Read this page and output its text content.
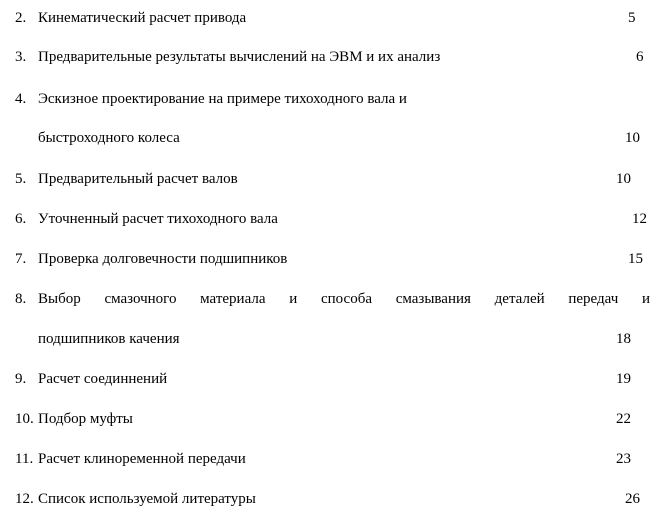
2. Кинематический расчет привода	5
3. Предварительные результаты вычислений на ЭВМ и их анализ	6
4. Эскизное проектирование на примере тихоходного вала и
быстроходного колеса	10
5. Предварительный расчет валов	10
6. Уточненный расчет тихоходного вала	12
7. Проверка долговечности подшипников	15
8. Выбор смазочного материала и способа смазывания деталей передач и
подшипников качения	18
9. Расчет соединнений	19
10. Подбор муфты	22
11. Расчет клиноременной передачи	23
12. Список используемой литературы	26
